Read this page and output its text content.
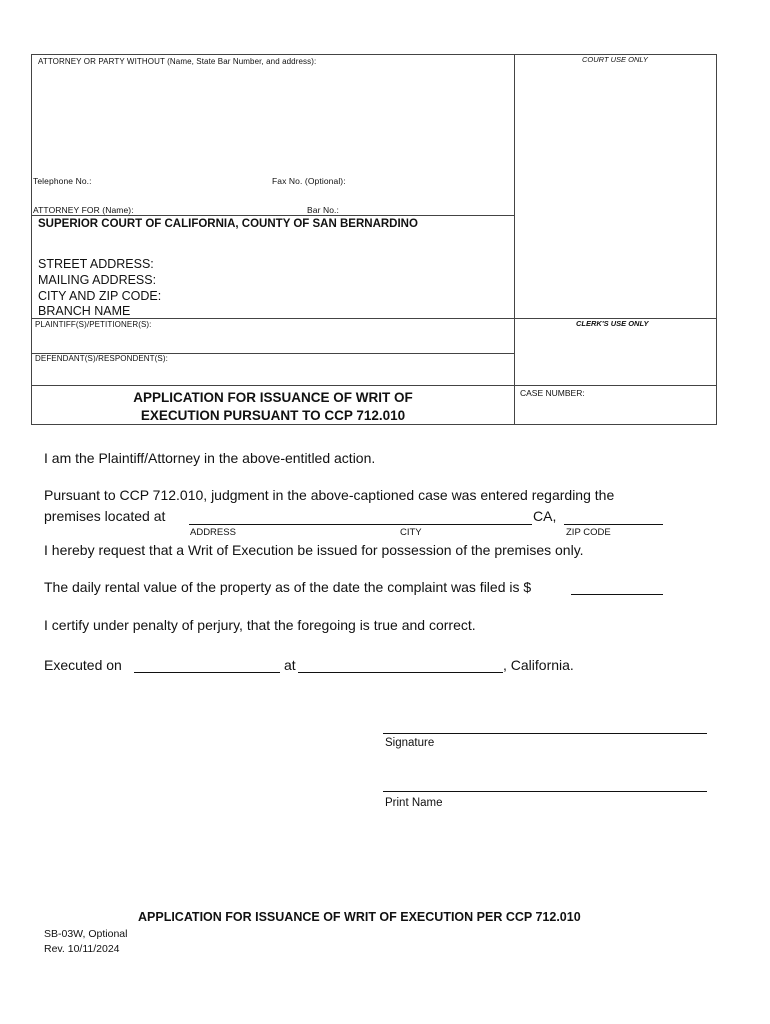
ATTORNEY OR PARTY WITHOUT (Name, State Bar Number, and address):	COURT USE ONLY
Telephone No.:	Fax No. (Optional):
ATTORNEY FOR (Name):	Bar No.:
SUPERIOR COURT OF CALIFORNIA, COUNTY OF SAN BERNARDINO
STREET ADDRESS:
MAILING ADDRESS:
CITY AND ZIP CODE:
BRANCH NAME
PLAINTIFF(S)/PETITIONER(S):	CLERK'S USE ONLY
DEFENDANT(S)/RESPONDENT(S):
APPLICATION FOR ISSUANCE OF WRIT OF
EXECUTION PURSUANT TO CCP 712.010
CASE NUMBER:
I am the Plaintiff/Attorney in the above-entitled action.
Pursuant to CCP 712.010, judgment in the above-captioned case was entered regarding the
premises located at	CA,
ADDRESS	CITY	ZIP CODE
I hereby request that a Writ of Execution be issued for possession of the premises only.
The daily rental value of the property as of the date the complaint was filed is $
I certify under penalty of perjury, that the foregoing is true and correct.
Executed on	at	, California.
Signature
Print Name
APPLICATION FOR ISSUANCE OF WRIT OF EXECUTION PER CCP 712.010
SB-03W, Optional
Rev. 10/11/2024
